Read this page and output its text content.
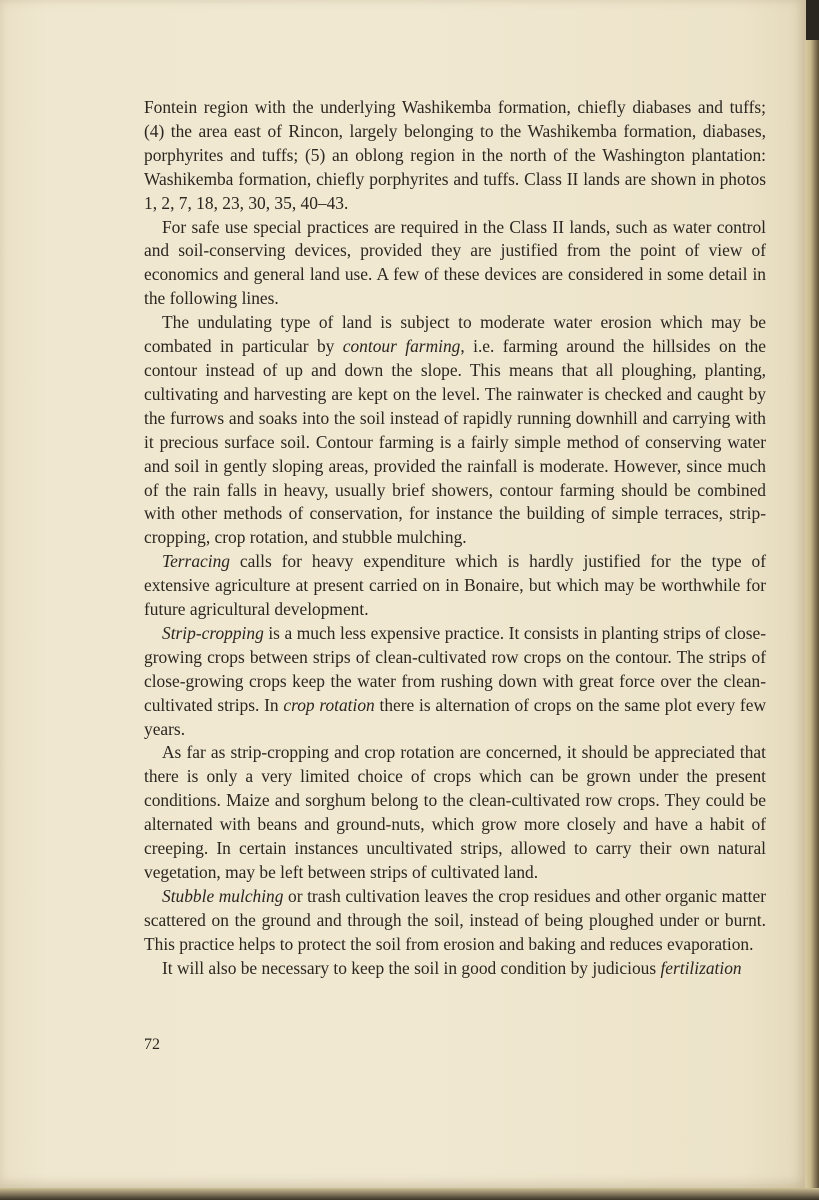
Fontein region with the underlying Washikemba formation, chiefly diabases and tuffs; (4) the area east of Rincon, largely belonging to the Washikemba formation, diabases, porphyrites and tuffs; (5) an oblong region in the north of the Washington plantation: Washikemba formation, chiefly porphyrites and tuffs. Class II lands are shown in photos 1, 2, 7, 18, 23, 30, 35, 40–43.

For safe use special practices are required in the Class II lands, such as water control and soil-conserving devices, provided they are justified from the point of view of economics and general land use. A few of these devices are considered in some detail in the following lines.

The undulating type of land is subject to moderate water erosion which may be combated in particular by contour farming, i.e. farming around the hillsides on the contour instead of up and down the slope. This means that all ploughing, planting, cultivating and harvesting are kept on the level. The rainwater is checked and caught by the furrows and soaks into the soil instead of rapidly running downhill and carrying with it precious surface soil. Contour farming is a fairly simple method of conserving water and soil in gently sloping areas, provided the rainfall is moderate. However, since much of the rain falls in heavy, usually brief showers, contour farming should be combined with other methods of conservation, for instance the building of simple terraces, strip-cropping, crop rotation, and stubble mulching.

Terracing calls for heavy expenditure which is hardly justified for the type of extensive agriculture at present carried on in Bonaire, but which may be worthwhile for future agricultural development.

Strip-cropping is a much less expensive practice. It consists in planting strips of close-growing crops between strips of clean-cultivated row crops on the contour. The strips of close-growing crops keep the water from rushing down with great force over the clean-cultivated strips. In crop rotation there is alternation of crops on the same plot every few years.

As far as strip-cropping and crop rotation are concerned, it should be appreciated that there is only a very limited choice of crops which can be grown under the present conditions. Maize and sorghum belong to the clean-cultivated row crops. They could be alternated with beans and ground-nuts, which grow more closely and have a habit of creeping. In certain instances uncultivated strips, allowed to carry their own natural vegetation, may be left between strips of cultivated land.

Stubble mulching or trash cultivation leaves the crop residues and other organic matter scattered on the ground and through the soil, instead of being ploughed under or burnt. This practice helps to protect the soil from erosion and baking and reduces evaporation.

It will also be necessary to keep the soil in good condition by judicious fertilization

72
